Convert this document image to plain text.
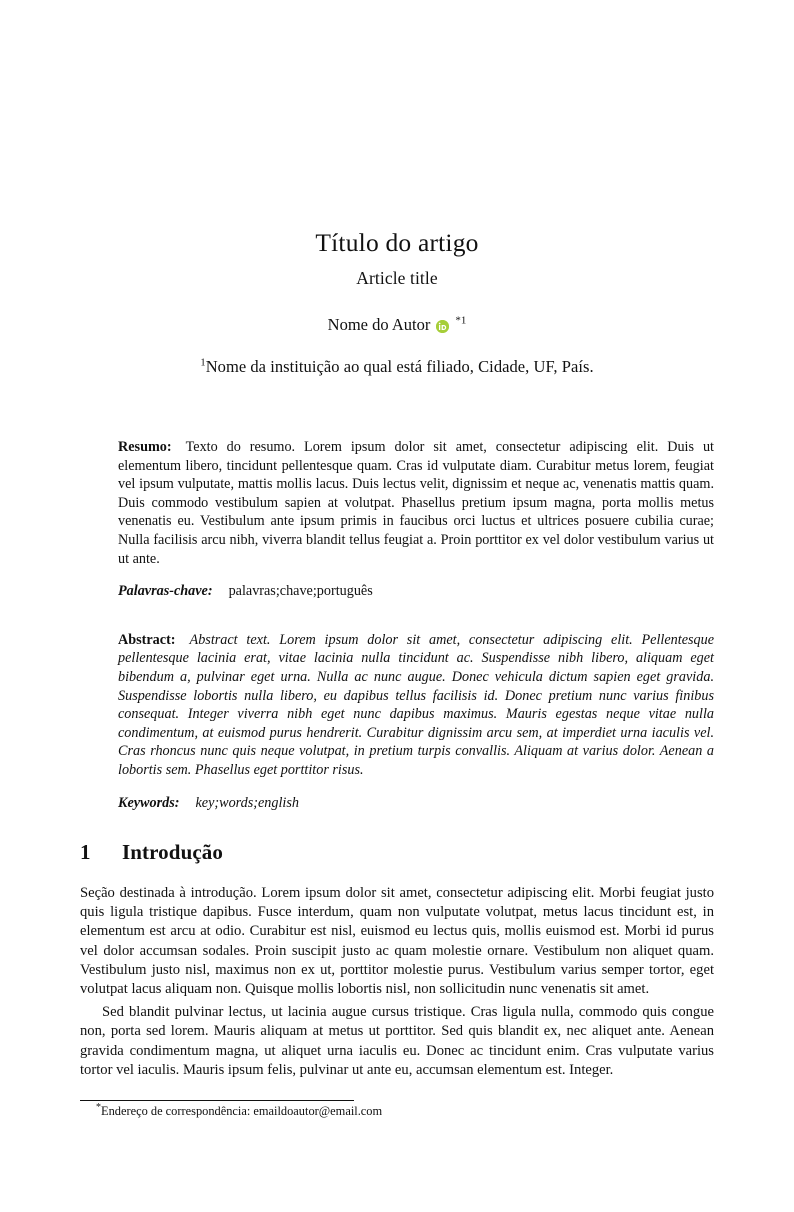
Título do artigo
Article title
Nome do Autor $^{*1}$
$^1$Nome da instituição ao qual está filiado, Cidade, UF, País.

Resumo: Texto do resumo. Lorem ipsum dolor sit amet, consectetur adipiscing elit. Duis ut elementum libero, tincidunt pellentesque quam. Cras id vulputate diam. Curabitur metus lorem, feugiat vel ipsum vulputate, mattis mollis lacus. Duis lectus velit, dignissim et neque ac, venenatis mattis quam. Duis commodo vestibulum sapien at volutpat. Phasellus pretium ipsum magna, porta mollis metus venenatis eu. Vestibulum ante ipsum primis in faucibus orci luctus et ultrices posuere cubilia curae; Nulla facilisis arcu nibh, viverra blandit tellus feugiat a. Proin porttitor ex vel dolor vestibulum varius ut ut ante.

Palavras-chave: palavras;chave;português

Abstract: Abstract text. Lorem ipsum dolor sit amet, consectetur adipiscing elit. Pellentesque pellentesque lacinia erat, vitae lacinia nulla tincidunt ac. Suspendisse nibh libero, aliquam eget bibendum a, pulvinar eget urna. Nulla ac nunc augue. Donec vehicula dictum sapien eget gravida. Suspendisse lobortis nulla libero, eu dapibus tellus facilisis id. Donec pretium nunc varius finibus consequat. Integer viverra nibh eget nunc dapibus maximus. Mauris egestas neque vitae nulla condimentum, at euismod purus hendrerit. Curabitur dignissim arcu sem, at imperdiet urna iaculis vel. Cras rhoncus nunc quis neque volutpat, in pretium turpis convallis. Aliquam at varius dolor. Aenean a lobortis sem. Phasellus eget porttitor risus.

Keywords: key;words;english
1 Introdução

Seção destinada à introdução. Lorem ipsum dolor sit amet, consectetur adipiscing elit. Morbi feugiat justo quis ligula tristique dapibus. Fusce interdum, quam non vulputate volutpat, metus lacus tincidunt est, in elementum est arcu at odio. Curabitur est nisl, euismod eu lectus quis, mollis euismod est. Morbi id purus vel dolor accumsan sodales. Proin suscipit justo ac quam molestie ornare. Vestibulum non aliquet quam. Vestibulum justo nisl, maximus non ex ut, porttitor molestie purus. Vestibulum varius semper tortor, eget volutpat lacus aliquam non. Quisque mollis lobortis nisl, non sollicitudin nunc venenatis sit amet.

Sed blandit pulvinar lectus, ut lacinia augue cursus tristique. Cras ligula nulla, commodo quis congue non, porta sed lorem. Mauris aliquam at metus ut porttitor. Sed quis blandit ex, nec aliquet ante. Aenean gravida condimentum magna, ut aliquet urna iaculis eu. Donec ac tincidunt enim. Cras vulputate varius tortor vel iaculis. Mauris ipsum felis, pulvinar ut ante eu, accumsan elementum est. Integer.

*Endereço de correspondência: emaildoautor@email.com
